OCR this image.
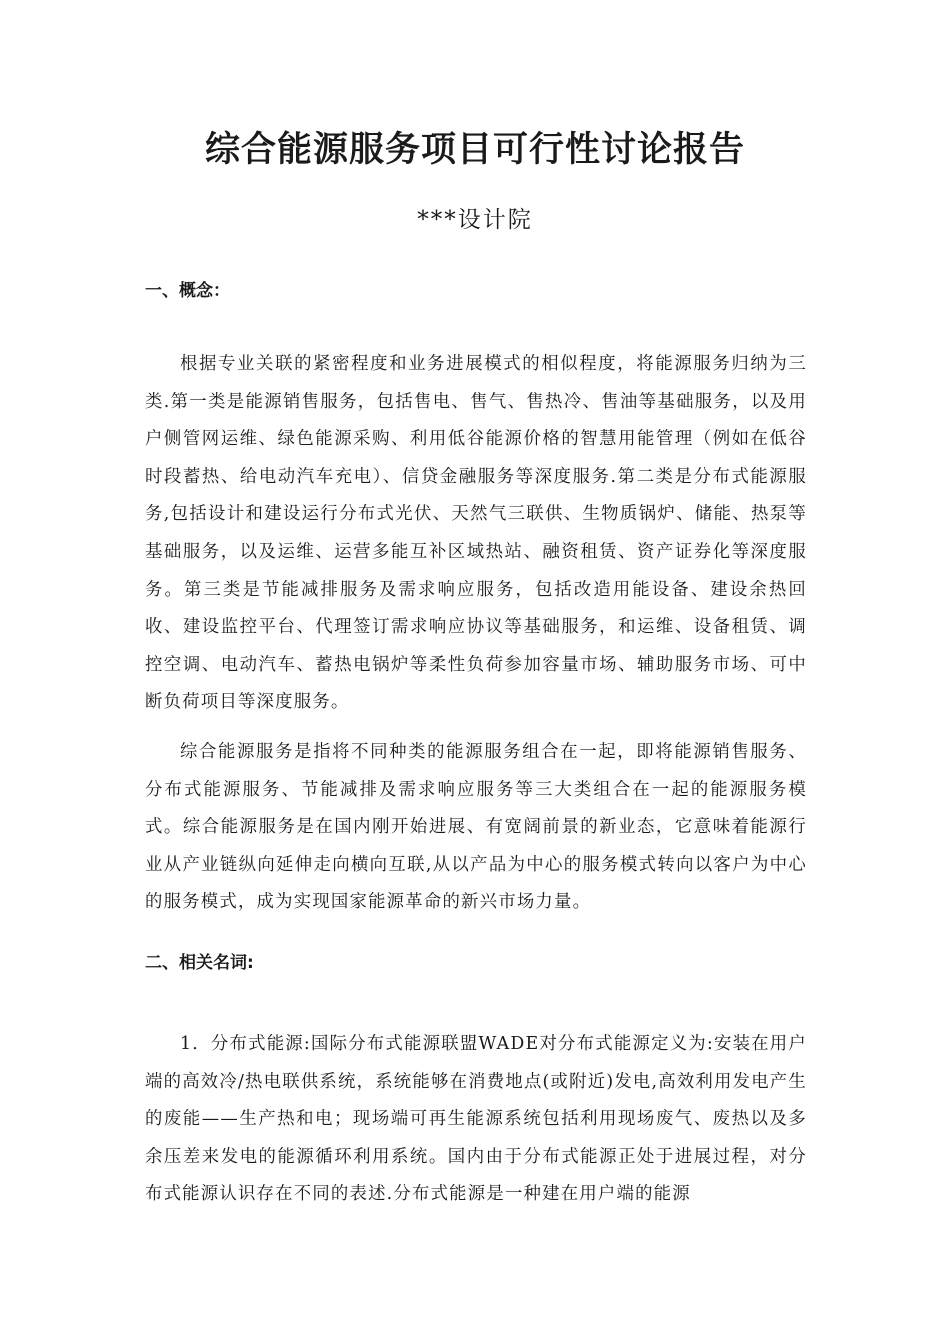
综合能源服务项目可行性讨论报告
***设计院
一、概念：

根据专业关联的紧密程度和业务进展模式的相似程度，将能源服务归纳为三类.第一类是能源销售服务，包括售电、售气、售热冷、售油等基础服务，以及用户侧管网运维、绿色能源采购、利用低谷能源价格的智慧用能管理（例如在低谷时段蓄热、给电动汽车充电）、信贷金融服务等深度服务.第二类是分布式能源服务,包括设计和建设运行分布式光伏、天然气三联供、生物质锅炉、储能、热泵等基础服务，以及运维、运营多能互补区域热站、融资租赁、资产证券化等深度服务。第三类是节能减排服务及需求响应服务，包括改造用能设备、建设余热回收、建设监控平台、代理签订需求响应协议等基础服务，和运维、设备租赁、调控空调、电动汽车、蓄热电锅炉等柔性负荷参加容量市场、辅助服务市场、可中断负荷项目等深度服务。

综合能源服务是指将不同种类的能源服务组合在一起，即将能源销售服务、分布式能源服务、节能减排及需求响应服务等三大类组合在一起的能源服务模式。综合能源服务是在国内刚开始进展、有宽阔前景的新业态，它意味着能源行业从产业链纵向延伸走向横向互联,从以产品为中心的服务模式转向以客户为中心的服务模式，成为实现国家能源革命的新兴市场力量。

二、相关名词:

1．分布式能源:国际分布式能源联盟WADE对分布式能源定义为:安装在用户端的高效冷/热电联供系统，系统能够在消费地点(或附近)发电,高效利用发电产生的废能——生产热和电；现场端可再生能源系统包括利用现场废气、废热以及多余压差来发电的能源循环利用系统。国内由于分布式能源正处于进展过程，对分布式能源认识存在不同的表述.分布式能源是一种建在用户端的能源
